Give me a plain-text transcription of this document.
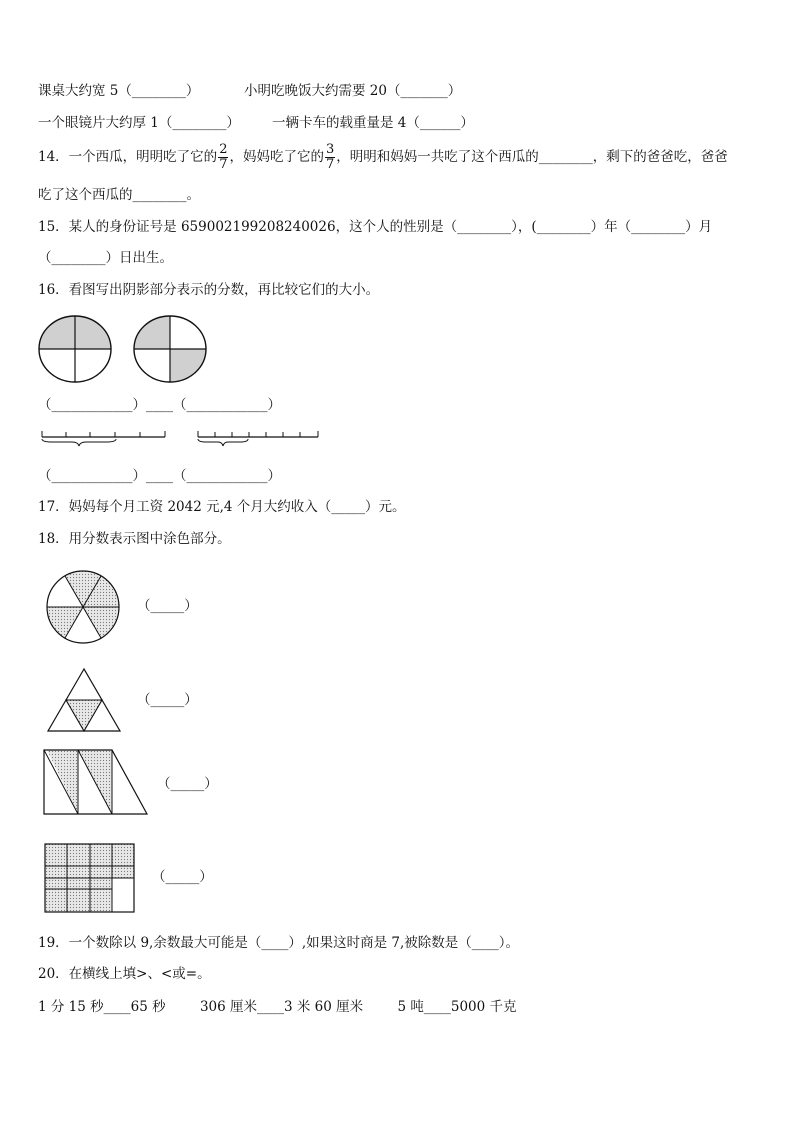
课桌大约宽 5（________）	小明吃晚饭大约需要 20（_______）
一个眼镜片大约厚 1（________） 一辆卡车的载重量是 4（______）
14．一个西瓜，明明吃了它的 $\frac{2}{7}$ ，妈妈吃了它的 $\frac{3}{7}$ ，明明和妈妈一共吃了这个西瓜的________，剩下的爸爸吃，爸爸
吃了这个西瓜的________。
15．某人的身份证号是 659002199208240026，这个人的性别是（________），(________）年（________）月
（________）日出生。
16．看图写出阴影部分表示的分数，再比较它们的大小。
（____________）____（____________）
（____________）____（____________）
17．妈妈每个月工资 2042 元,4 个月大约收入（_____）元。
18．用分数表示图中涂色部分。
（_____）
（_____）
（_____）
（_____）
19．一个数除以 9,余数最大可能是（____）,如果这时商是 7,被除数是（____）。
20．在横线上填>、<或=。
1 分 15 秒____65 秒        306 厘米____3 米 60 厘米        5 吨____5000 千克
